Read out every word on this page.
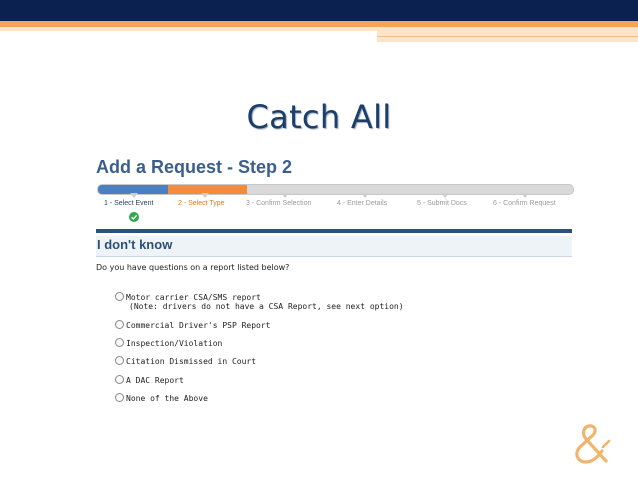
Catch All
Add a Request - Step 2
1 - Select Event	2 - Select Type	3 - Confirm Selection	4 - Enter Details	5 - Submit Docs	6 - Confirm Request
I don't know
Do you have questions on a report listed below?
Motor carrier CSA/SMS report
(Note: drivers do not have a CSA Report, see next option)
Commercial Driver's PSP Report
Inspection/Violation
Citation Dismissed in Court
A DAC Report
None of the Above
